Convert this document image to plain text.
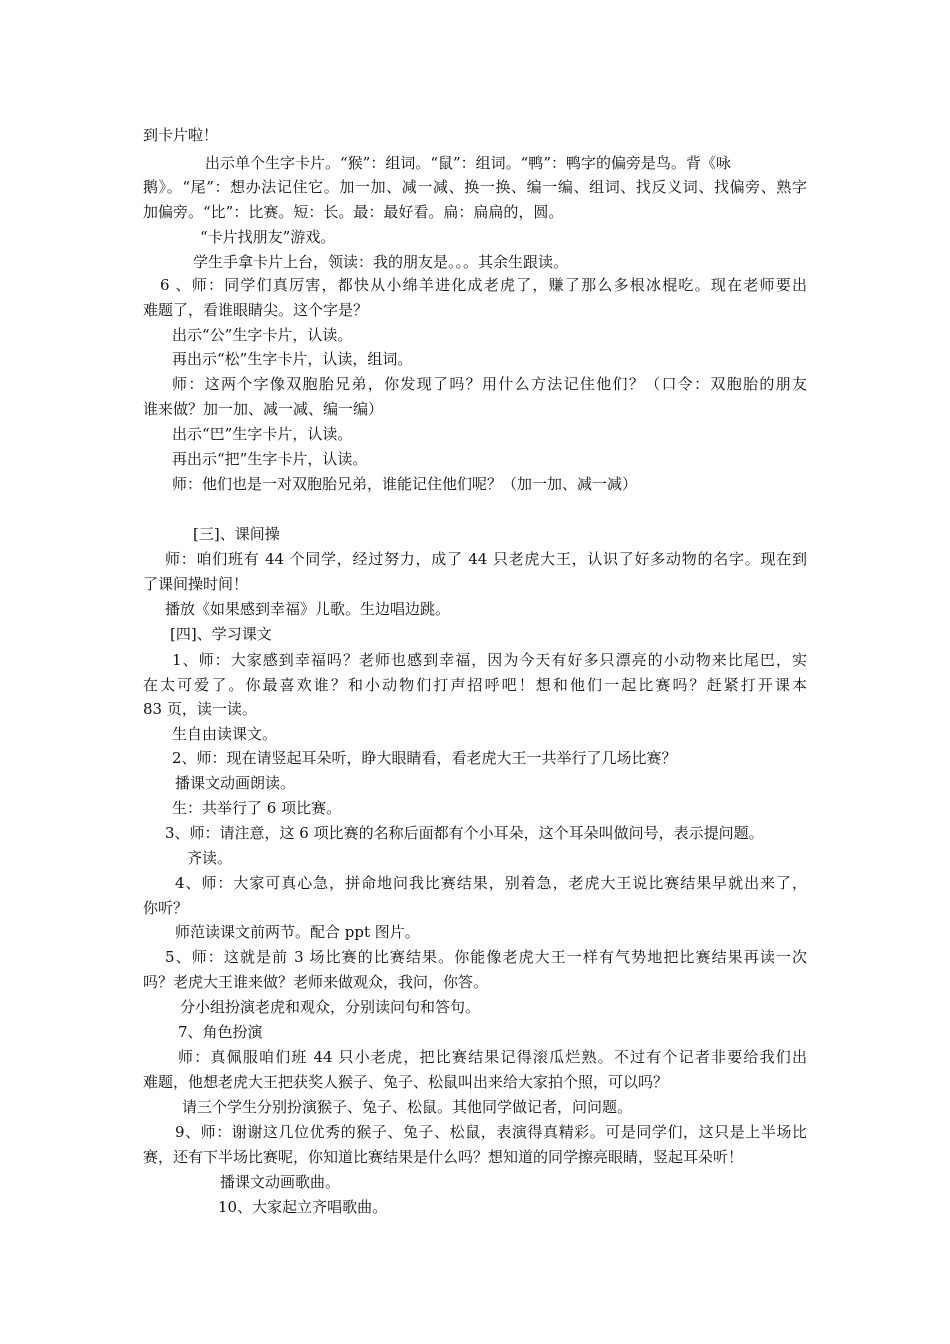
到卡片啦！
出示单个生字卡片。“猴”：组词。“鼠”：组词。“鸭”：鸭字的偏旁是鸟。背《咏
鹅》。“尾”：想办法记住它。加一加、减一减、换一换、编一编、组词、找反义词、找偏旁、熟字
加偏旁。“比”：比赛。短：长。最：最好看。扁：扁扁的，圆。
“卡片找朋友”游戏。
学生手拿卡片上台，领读：我的朋友是。。。其余生跟读。
6 、师：同学们真厉害，都快从小绵羊进化成老虎了，赚了那么多根冰棍吃。现在老师要出
难题了，看谁眼睛尖。这个字是？
出示“公”生字卡片，认读。
再出示“松”生字卡片，认读，组词。
师：这两个字像双胞胎兄弟，你发现了吗？用什么方法记住他们？（口令：双胞胎的朋友
谁来做？加一加、减一减、编一编）
出示“巴”生字卡片，认读。
再出示“把”生字卡片，认读。
师：他们也是一对双胞胎兄弟，谁能记住他们呢？（加一加、减一减）
[三]、课间操
师：咱们班有 44 个同学，经过努力，成了 44 只老虎大王，认识了好多动物的名字。现在到
了课间操时间！
播放《如果感到幸福》儿歌。生边唱边跳。
[四]、学习课文
1、师：大家感到幸福吗？老师也感到幸福，因为今天有好多只漂亮的小动物来比尾巴，实
在太可爱了。你最喜欢谁？和小动物们打声招呼吧！想和他们一起比赛吗？赶紧打开课本
83 页，读一读。
生自由读课文。
2、师：现在请竖起耳朵听，睁大眼睛看，看老虎大王一共举行了几场比赛？
播课文动画朗读。
生：共举行了 6 项比赛。
3、师：请注意，这 6 项比赛的名称后面都有个小耳朵，这个耳朵叫做问号，表示提问题。
齐读。
4、师：大家可真心急，拼命地问我比赛结果，别着急，老虎大王说比赛结果早就出来了，
你听？
师范读课文前两节。配合 ppt 图片。
5、师：这就是前 3 场比赛的比赛结果。你能像老虎大王一样有气势地把比赛结果再读一次
吗？老虎大王谁来做？老师来做观众，我问，你答。
分小组扮演老虎和观众，分别读问句和答句。
7、角色扮演
师：真佩服咱们班 44 只小老虎，把比赛结果记得滚瓜烂熟。不过有个记者非要给我们出
难题，他想老虎大王把获奖人猴子、兔子、松鼠叫出来给大家拍个照，可以吗？
请三个学生分别扮演猴子、兔子、松鼠。其他同学做记者，问问题。
9、师：谢谢这几位优秀的猴子、兔子、松鼠，表演得真精彩。可是同学们，这只是上半场比
赛，还有下半场比赛呢，你知道比赛结果是什么吗？想知道的同学擦亮眼睛，竖起耳朵听！
播课文动画歌曲。
10、大家起立齐唱歌曲。
